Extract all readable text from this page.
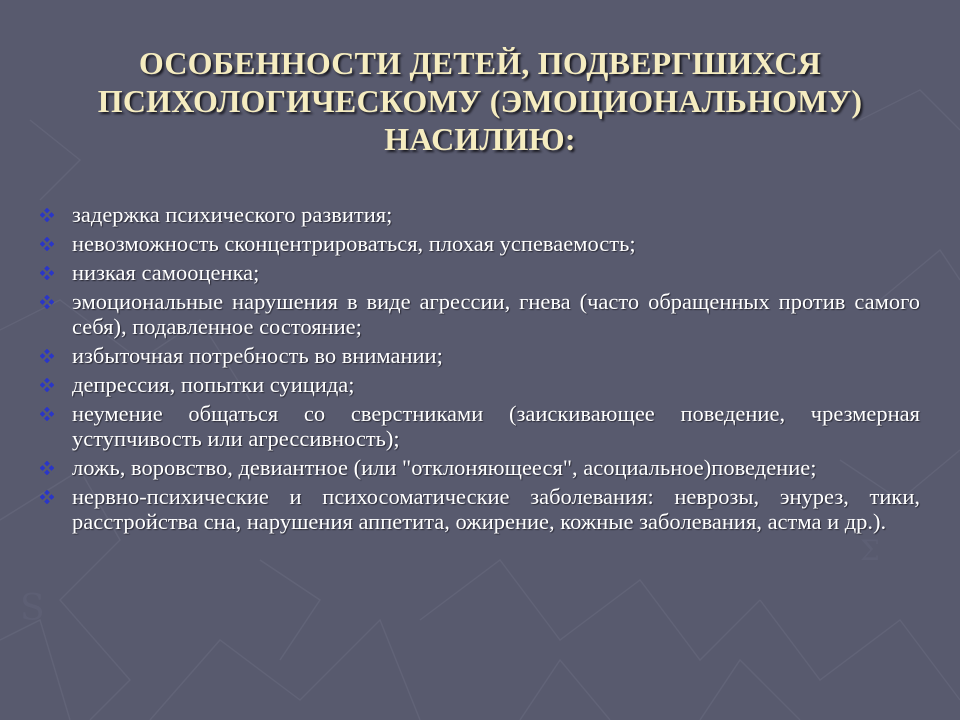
S
Ʃ
ОСОБЕННОСТИ ДЕТЕЙ, ПОДВЕРГШИХСЯ
ПСИХОЛОГИЧЕСКОМУ (ЭМОЦИОНАЛЬНОМУ)
НАСИЛИЮ:
задержка психического развития;
невозможность сконцентрироваться, плохая успеваемость;
низкая самооценка;
эмоциональные нарушения в виде агрессии, гнева (часто обращенных против самого себя), подавленное состояние;
избыточная потребность во внимании;
депрессия, попытки суицида;
неумение общаться со сверстниками (заискивающее поведение, чрезмерная уступчивость или агрессивность);
ложь, воровство, девиантное (или "отклоняющееся", асоциальное)поведение;
нервно-психические и психосоматические заболевания: неврозы, энурез, тики, расстройства сна, нарушения аппетита, ожирение, кожные заболевания, астма и др.).
